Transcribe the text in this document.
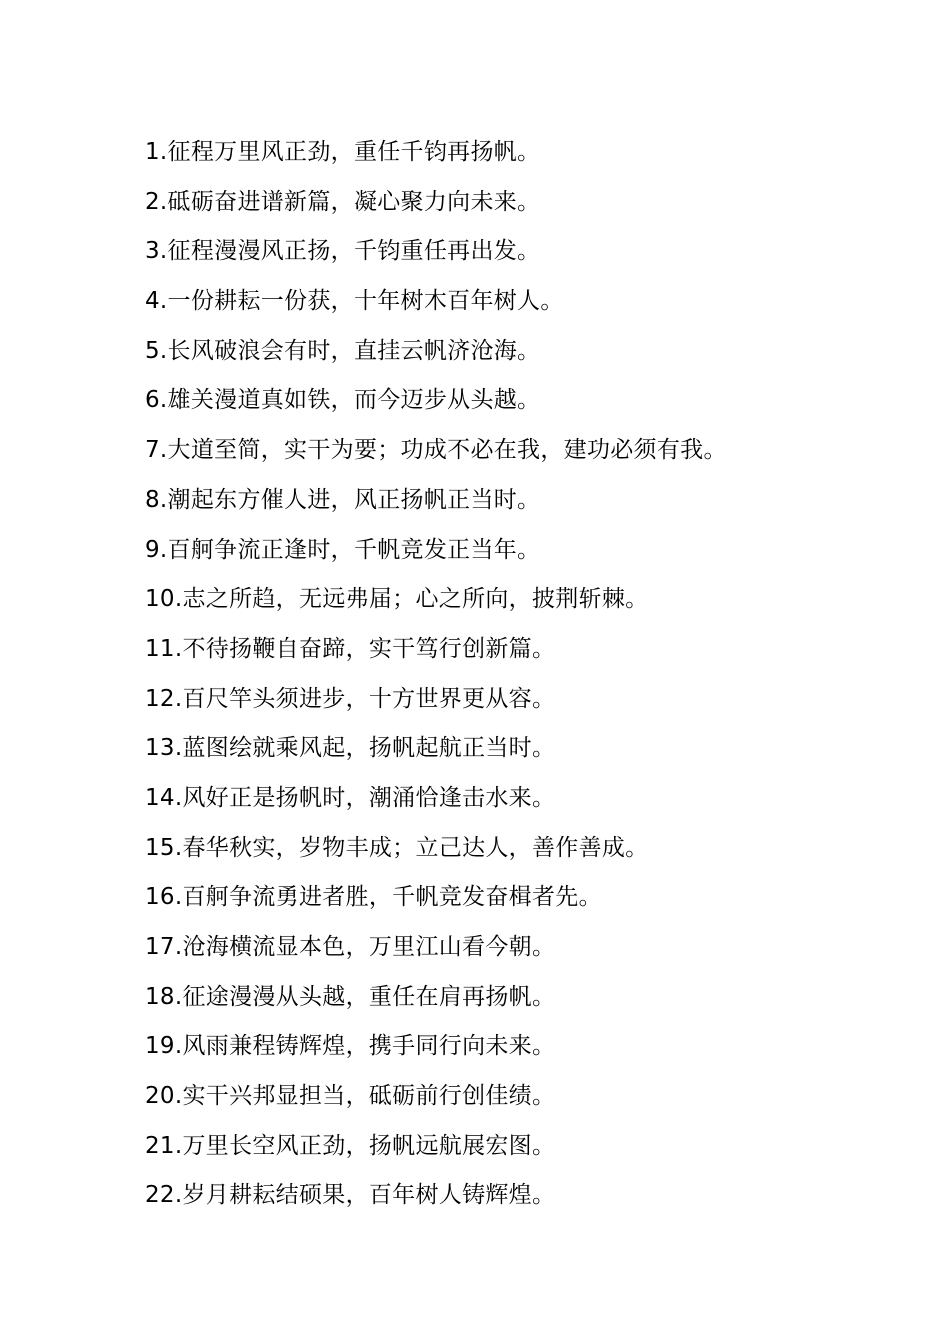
1.征程万里风正劲，重任千钧再扬帆。
2.砥砺奋进谱新篇，凝心聚力向未来。
3.征程漫漫风正扬，千钧重任再出发。
4.一份耕耘一份获，十年树木百年树人。
5.长风破浪会有时，直挂云帆济沧海。
6.雄关漫道真如铁，而今迈步从头越。
7.大道至简，实干为要；功成不必在我，建功必须有我。
8.潮起东方催人进，风正扬帆正当时。
9.百舸争流正逢时，千帆竞发正当年。
10.志之所趋，无远弗届；心之所向，披荆斩棘。
11.不待扬鞭自奋蹄，实干笃行创新篇。
12.百尺竿头须进步，十方世界更从容。
13.蓝图绘就乘风起，扬帆起航正当时。
14.风好正是扬帆时，潮涌恰逢击水来。
15.春华秋实，岁物丰成；立己达人，善作善成。
16.百舸争流勇进者胜，千帆竞发奋楫者先。
17.沧海横流显本色，万里江山看今朝。
18.征途漫漫从头越，重任在肩再扬帆。
19.风雨兼程铸辉煌，携手同行向未来。
20.实干兴邦显担当，砥砺前行创佳绩。
21.万里长空风正劲，扬帆远航展宏图。
22.岁月耕耘结硕果，百年树人铸辉煌。
